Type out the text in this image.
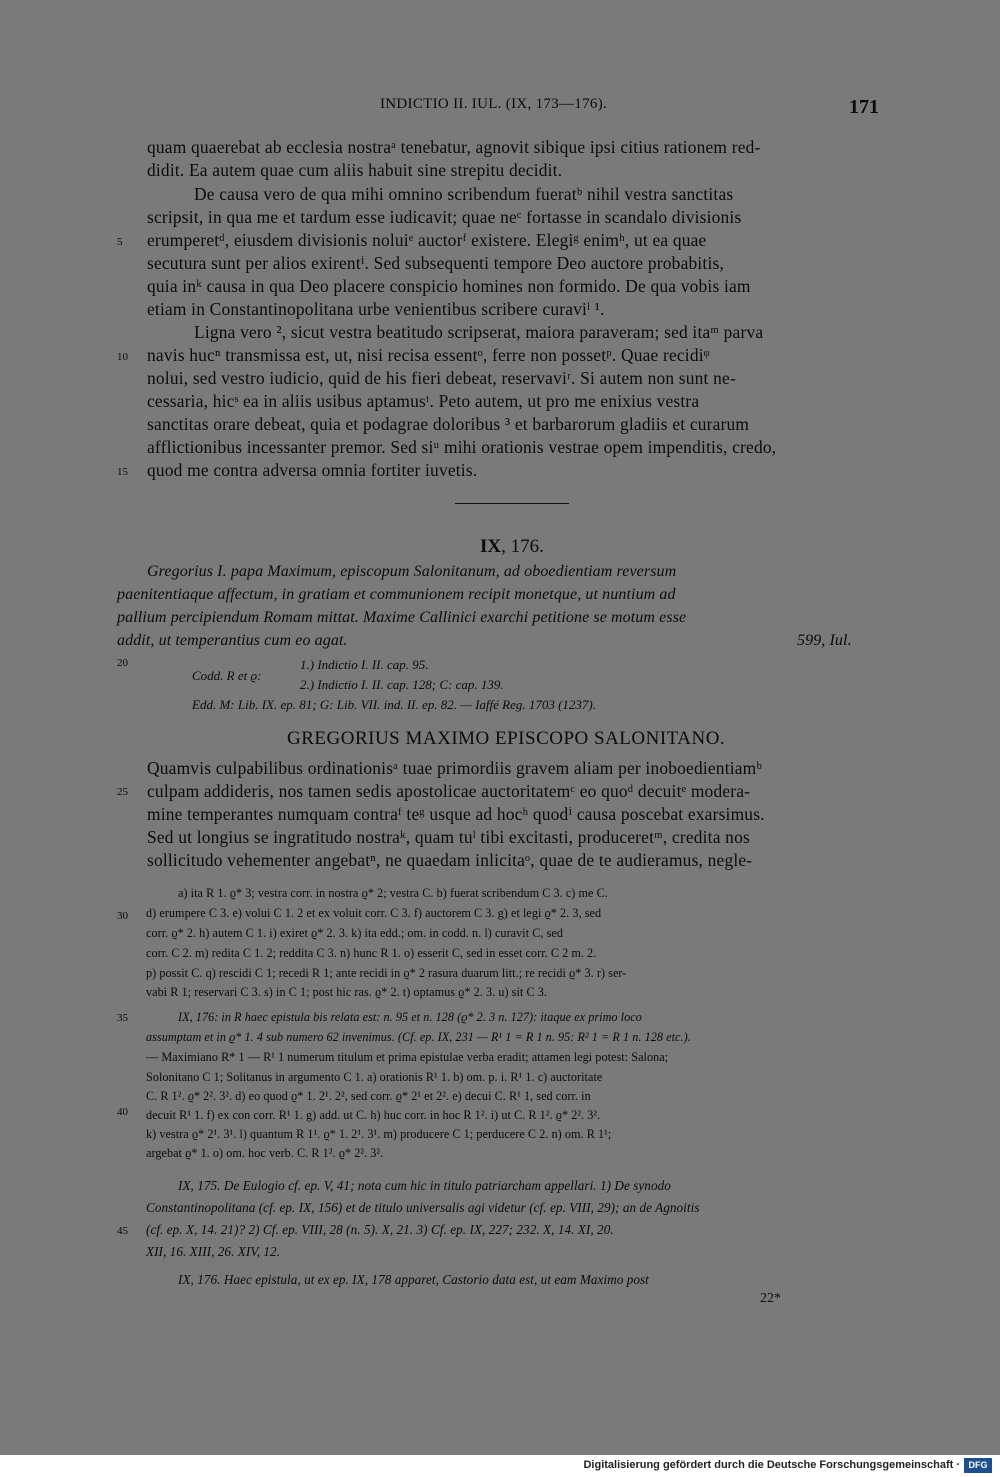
INDICTIO II. IUL. (IX, 173—176).	171
quam quaerebat ab ecclesia nostraᵃ tenebatur, agnovit sibique ipsi citius rationem red-
didit. Ea autem quae cum aliis habuit sine strepitu decidit.
De causa vero de qua mihi omnino scribendum fueratᵇ nihil vestra sanctitas
scripsit, in qua me et tardum esse iudicavit; quae neᶜ fortasse in scandalo divisionis
erumperetᵈ, eiusdem divisionis noluiᵉ auctorᶠ existere. Elegiᵍ enimʰ, ut ea quae
secutura sunt per alios exirentⁱ. Sed subsequenti tempore Deo auctore probabitis,
quia inᵏ causa in qua Deo placere conspicio homines non formido. De qua vobis iam
etiam in Constantinopolitana urbe venientibus scribere curaviˡ ¹.
Ligna vero ², sicut vestra beatitudo scripserat, maiora paraveram; sed itaᵐ parva
navis hucⁿ transmissa est, ut, nisi recisa essentᵒ, ferre non possetᵖ. Quae recidiᵠ
nolui, sed vestro iudicio, quid de his fieri debeat, reservaviʳ. Si autem non sunt ne-
cessaria, hicˢ ea in aliis usibus aptamusᵗ. Peto autem, ut pro me enixius vestra
sanctitas orare debeat, quia et podagrae doloribus ³ et barbarorum gladiis et curarum
afflictionibus incessanter premor. Sed siᵘ mihi orationis vestrae opem impenditis, credo,
quod me contra adversa omnia fortiter iuvetis.
5
10
15
20
25
30
35
40
45
IX, 176.
Gregorius I. papa Maximum, episcopum Salonitanum, ad oboedientiam reversum
paenitentiaque affectum, in gratiam et communionem recipit monetque, ut nuntium ad
pallium percipiendum Romam mittat. Maxime Callinici exarchi petitione se motum esse
addit, ut temperantius cum eo agat.	599, Iul.
Codd. R et ϱ:
1.) Indictio I. II. cap. 95.
2.) Indictio I. II. cap. 128; C: cap. 139.
Edd. M: Lib. IX. ep. 81; G: Lib. VII. ind. II. ep. 82. — Iaffé Reg. 1703 (1237).
GREGORIUS MAXIMO EPISCOPO SALONITANO.
Quamvis culpabilibus ordinationisᵃ tuae primordiis gravem aliam per inoboedientiamᵇ
culpam addideris, nos tamen sedis apostolicae auctoritatemᶜ eo quoᵈ decuitᵉ modera-
mine temperantes numquam contraᶠ teᵍ usque ad hocʰ quodⁱ causa poscebat exarsimus.
Sed ut longius se ingratitudo nostraᵏ, quam tuˡ tibi excitasti, produceretᵐ, credita nos
sollicitudo vehementer angebatⁿ, ne quaedam inlicitaᵒ, quae de te audieramus, negle-
a) ita R 1. ϱ* 3; vestra corr. in nostra ϱ* 2; vestra C. b) fuerat scribendum C 3. c) me C.
d) erumpere C 3. e) volui C 1. 2 et ex voluit corr. C 3. f) auctorem C 3. g) et legi ϱ* 2. 3, sed
corr. ϱ* 2. h) autem C 1. i) exiret ϱ* 2. 3. k) ita edd.; om. in codd. n. l) curavit C, sed
corr. C 2. m) redita C 1. 2; reddita C 3. n) hunc R 1. o) esserit C, sed in esset corr. C 2 m. 2.
p) possit C. q) rescidi C 1; recedi R 1; ante recidi in ϱ* 2 rasura duarum litt.; re recidi ϱ* 3. r) ser-
vabi R 1; reservari C 3. s) in C 1; post hic ras. ϱ* 2. t) optamus ϱ* 2. 3. u) sit C 3.
IX, 176: in R haec epistula bis relata est: n. 95 et n. 128 (ϱ* 2. 3 n. 127): itaque ex primo loco
assumptam et in ϱ* 1. 4 sub numero 62 invenimus. (Cf. ep. IX, 231 — R¹ 1 = R 1 n. 95: R² 1 = R 1 n. 128 etc.).
— Maximiano R* 1 — R¹ 1 numerum titulum et prima epistulae verba eradit; attamen legi potest: Salona;
Solonitano C 1; Solitanus in argumento C 1. a) orationis R¹ 1. b) om. p. i. R¹ 1. c) auctoritate
C. R 1². ϱ* 2². 3². d) eo quod ϱ* 1. 2¹. 2², sed corr. ϱ* 2¹ et 2². e) decui C. R¹ 1, sed corr. in
decuit R¹ 1. f) ex con corr. R¹ 1. g) add. ut C. h) huc corr. in hoc R 1². i) ut C. R 1². ϱ* 2². 3².
k) vestra ϱ* 2¹. 3¹. l) quantum R 1¹. ϱ* 1. 2¹. 3¹. m) producere C 1; perducere C 2. n) om. R 1¹;
argebat ϱ* 1. o) om. hoc verb. C. R 1². ϱ* 2². 3².
IX, 175. De Eulogio cf. ep. V, 41; nota cum hic in titulo patriarcham appellari. 1) De synodo
Constantinopolitana (cf. ep. IX, 156) et de titulo universalis agi videtur (cf. ep. VIII, 29); an de Agnoitis
(cf. ep. X, 14. 21)? 2) Cf. ep. VIII, 28 (n. 5). X, 21. 3) Cf. ep. IX, 227; 232. X, 14. XI, 20.
XII, 16. XIII, 26. XIV, 12.
IX, 176. Haec epistula, ut ex ep. IX, 178 apparet, Castorio data est, ut eam Maximo post
22*
Digitalisierung gefördert durch die Deutsche Forschungsgemeinschaft · DFG
